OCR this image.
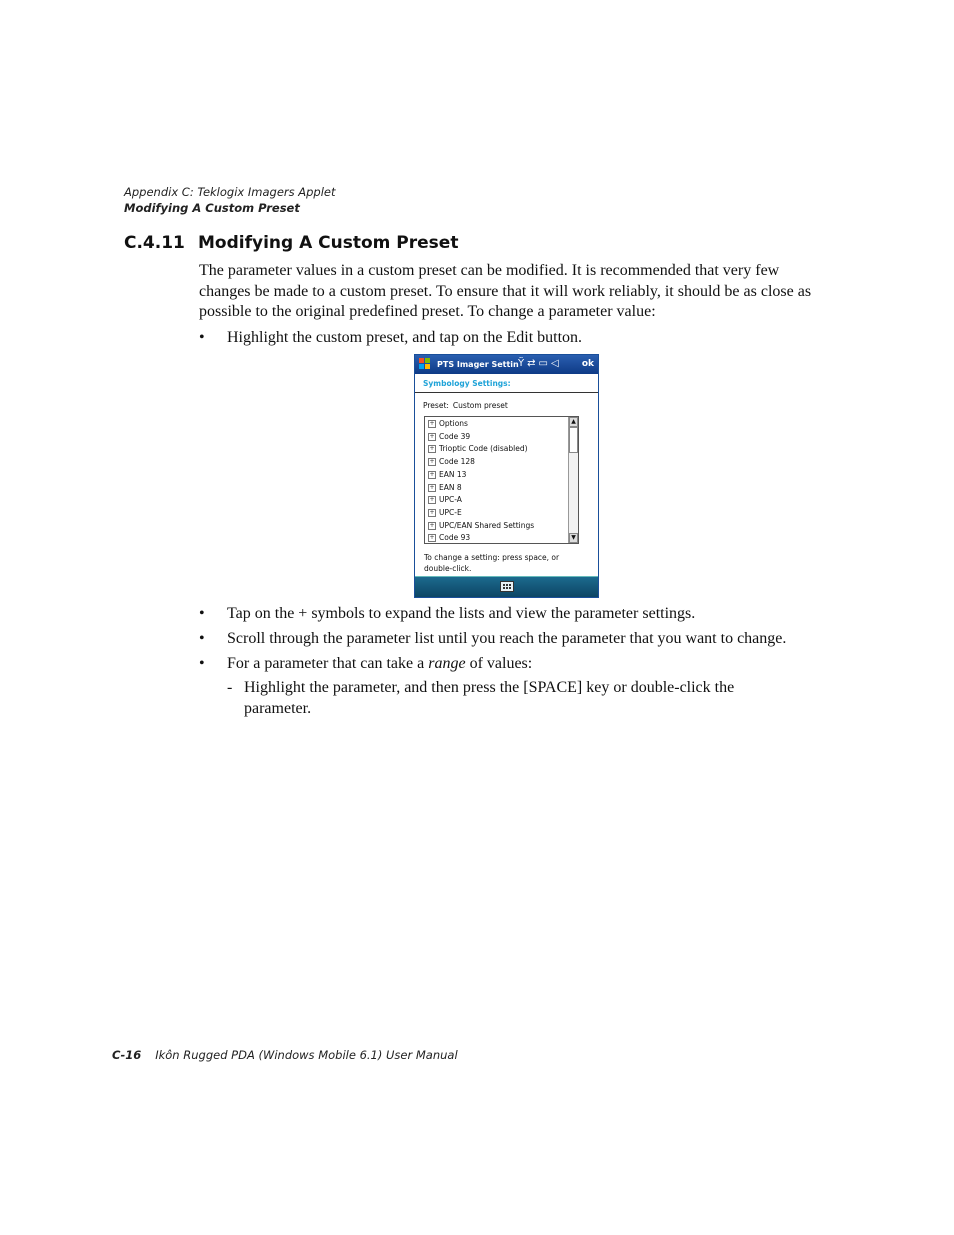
Appendix C: Teklogix Imagers Applet
Modifying A Custom Preset
C.4.11 Modifying A Custom Preset
The parameter values in a custom preset can be modified. It is recommended that very few changes be made to a custom preset. To ensure that it will work reliably, it should be as close as possible to the original predefined preset. To change a parameter value:
• Highlight the custom preset, and tap on the Edit button.
PTS Imager Settin Ÿ⇄▭◁ ok
Symbology Settings:
Preset: Custom preset
+ Options
+ Code 39
+ Trioptic Code (disabled)
+ Code 128
+ EAN 13
+ EAN 8
+ UPC-A
+ UPC-E
+ UPC/EAN Shared Settings
+ Code 93
▲
▼
To change a setting: press space, or double-click.
• Tap on the + symbols to expand the lists and view the parameter settings.
• Scroll through the parameter list until you reach the parameter that you want to change.
• For a parameter that can take a range of values:
- Highlight the parameter, and then press the [SPACE] key or double-click the parameter.
C-16 Ikôn Rugged PDA (Windows Mobile 6.1) User Manual
